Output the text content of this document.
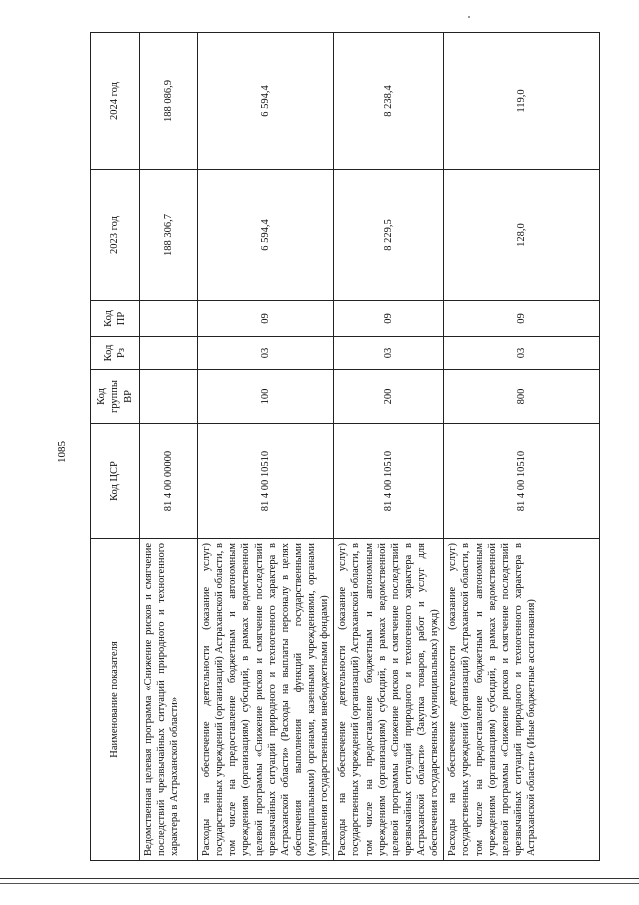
1085
Наименование показателя	Код ЦСР	Код группы ВР	Код Рз	Код ПР	2023 год	2024 год
Ведомственная целевая программа «Снижение рисков и смягчение последствий чрезвычайных ситуаций природного и техногенного характера в Астраханской области»	81 4 00 00000				188 306,7	188 086,9
Расходы на обеспечение деятельности (оказание услуг) государственных учреждений (организаций) Астраханской области, в том числе на предоставление бюджетным и автономным учреждениям (организациям) субсидий, в рамках ведомственной целевой программы «Снижение рисков и смягчение последствий чрезвычайных ситуаций природного и техногенного характера в Астраханской области» (Расходы на выплаты персоналу в целях обеспечения выполнения функций государственными (муниципальными) органами, казенными учреждениями, органами управления государственными внебюджетными фондами)	81 4 00 10510	100	03	09	6 594,4	6 594,4
Расходы на обеспечение деятельности (оказание услуг) государственных учреждений (организаций) Астраханской области, в том числе на предоставление бюджетным и автономным учреждениям (организациям) субсидий, в рамках ведомственной целевой программы «Снижение рисков и смягчение последствий чрезвычайных ситуаций природного и техногенного характера в Астраханской области» (Закупка товаров, работ и услуг для обеспечения государственных (муниципальных) нужд)	81 4 00 10510	200	03	09	8 229,5	8 238,4
Расходы на обеспечение деятельности (оказание услуг) государственных учреждений (организаций) Астраханской области, в том числе на предоставление бюджетным и автономным учреждениям (организациям) субсидий, в рамках ведомственной целевой программы «Снижение рисков и смягчение последствий чрезвычайных ситуаций природного и техногенного характера в Астраханской области» (Иные бюджетные ассигнования)	81 4 00 10510	800	03	09	128,0	119,0
